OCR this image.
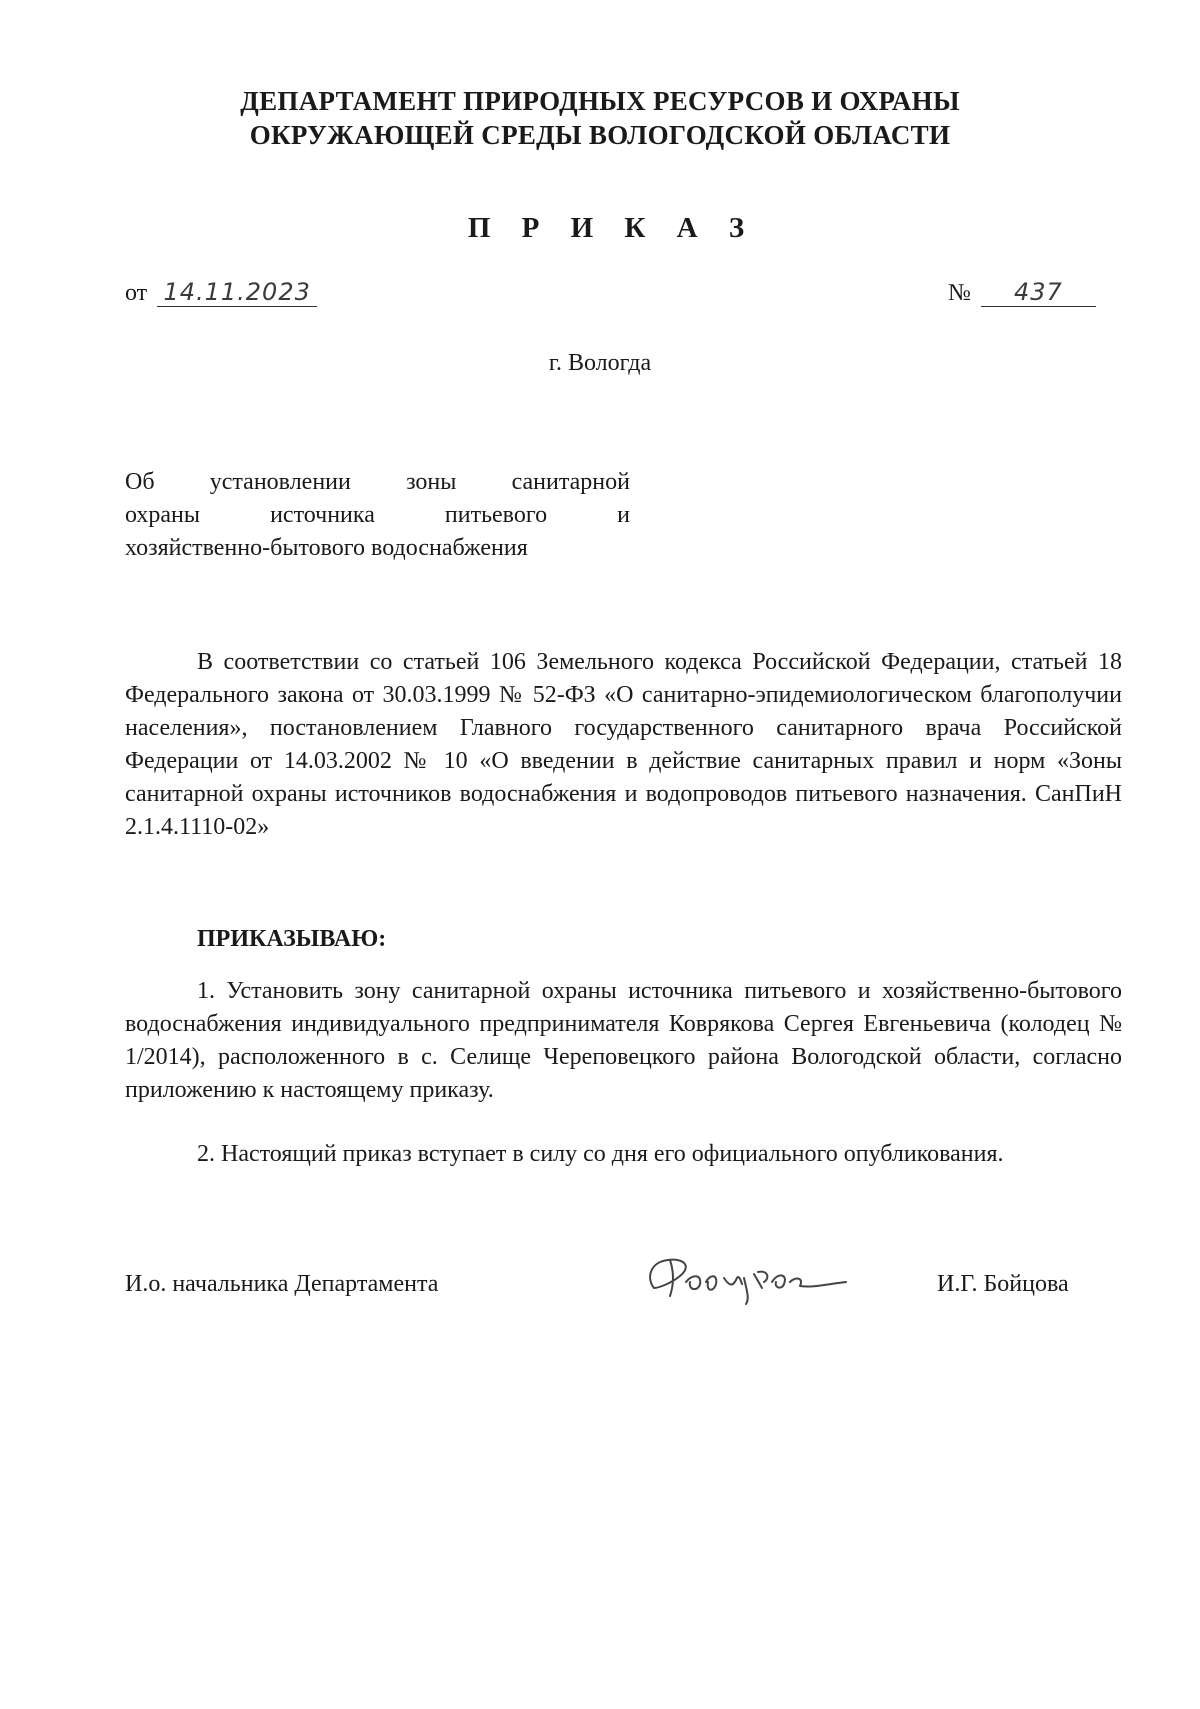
ДЕПАРТАМЕНТ ПРИРОДНЫХ РЕСУРСОВ И ОХРАНЫ
ОКРУЖАЮЩЕЙ СРЕДЫ ВОЛОГОДСКОЙ ОБЛАСТИ
П Р И К А З
от 14.11.2023	№ 437
г. Вологда
Об установлении зоны санитарной
охраны источника питьевого и
хозяйственно-бытового водоснабжения
В соответствии со статьей 106 Земельного кодекса Российской Федерации, статьей 18 Федерального закона от 30.03.1999 № 52-ФЗ «О санитарно-эпидемиологическом благополучии населения», постановлением Главного государственного санитарного врача Российской Федерации от 14.03.2002 № 10 «О введении в действие санитарных правил и норм «Зоны санитарной охраны источников водоснабжения и водопроводов питьевого назначения. СанПиН 2.1.4.1110-02»
ПРИКАЗЫВАЮ:
1. Установить зону санитарной охраны источника питьевого и хозяйственно-бытового водоснабжения индивидуального предпринимателя Коврякова Сергея Евгеньевича (колодец № 1/2014), расположенного в с. Селище Череповецкого района Вологодской области, согласно приложению к настоящему приказу.
2. Настоящий приказ вступает в силу со дня его официального опубликования.
И.о. начальника Департамента	И.Г. Бойцова
